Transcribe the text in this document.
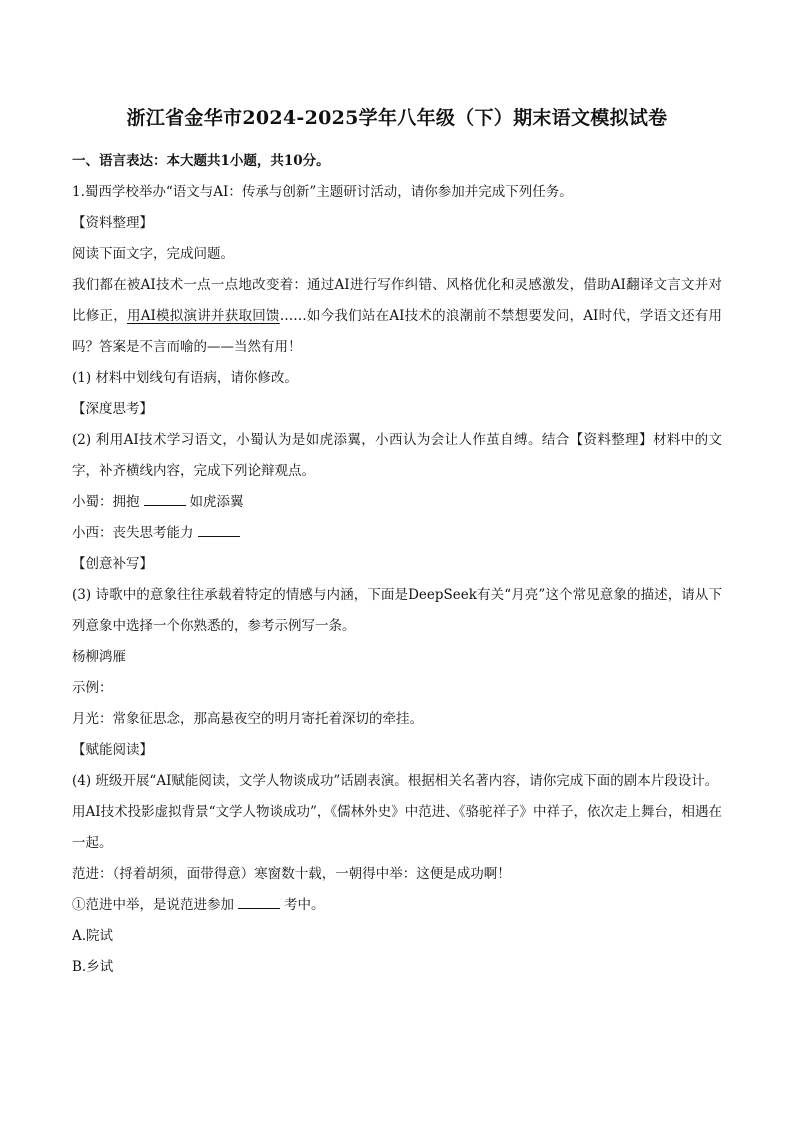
浙江省金华市2024-2025学年八年级（下）期末语文模拟试卷
一、语言表达：本大题共1小题，共10分。
1.蜀西学校举办“语文与AI：传承与创新”主题研讨活动，请你参加并完成下列任务。
【资料整理】
阅读下面文字，完成问题。
我们都在被AI技术一点一点地改变着：通过AI进行写作纠错、风格优化和灵感激发，借助AI翻译文言文并对比修正，用AI模拟演讲并获取回馈……如今我们站在AI技术的浪潮前不禁想要发问，AI时代，学语文还有用吗？答案是不言而喻的——当然有用！
(1) 材料中划线句有语病，请你修改。
【深度思考】
(2) 利用AI技术学习语文，小蜀认为是如虎添翼，小西认为会让人作茧自缚。结合【资料整理】材料中的文字，补齐横线内容，完成下列论辩观点。
小蜀：拥抱	如虎添翼
小西：丧失思考能力
【创意补写】
(3) 诗歌中的意象往往承载着特定的情感与内涵，下面是DeepSeek有关“月亮”这个常见意象的描述，请从下列意象中选择一个你熟悉的，参考示例写一条。
杨柳鸿雁
示例：
月光：常象征思念，那高悬夜空的明月寄托着深切的牵挂。
【赋能阅读】
(4) 班级开展“AI赋能阅读，文学人物谈成功”话剧表演。根据相关名著内容，请你完成下面的剧本片段设计。
用AI技术投影虚拟背景“文学人物谈成功”，《儒林外史》中范进、《骆驼祥子》中祥子，依次走上舞台，相遇在一起。
范进：（捋着胡须，面带得意）寒窗数十载，一朝得中举：这便是成功啊！
①范进中举，是说范进参加	考中。
A.院试
B.乡试
